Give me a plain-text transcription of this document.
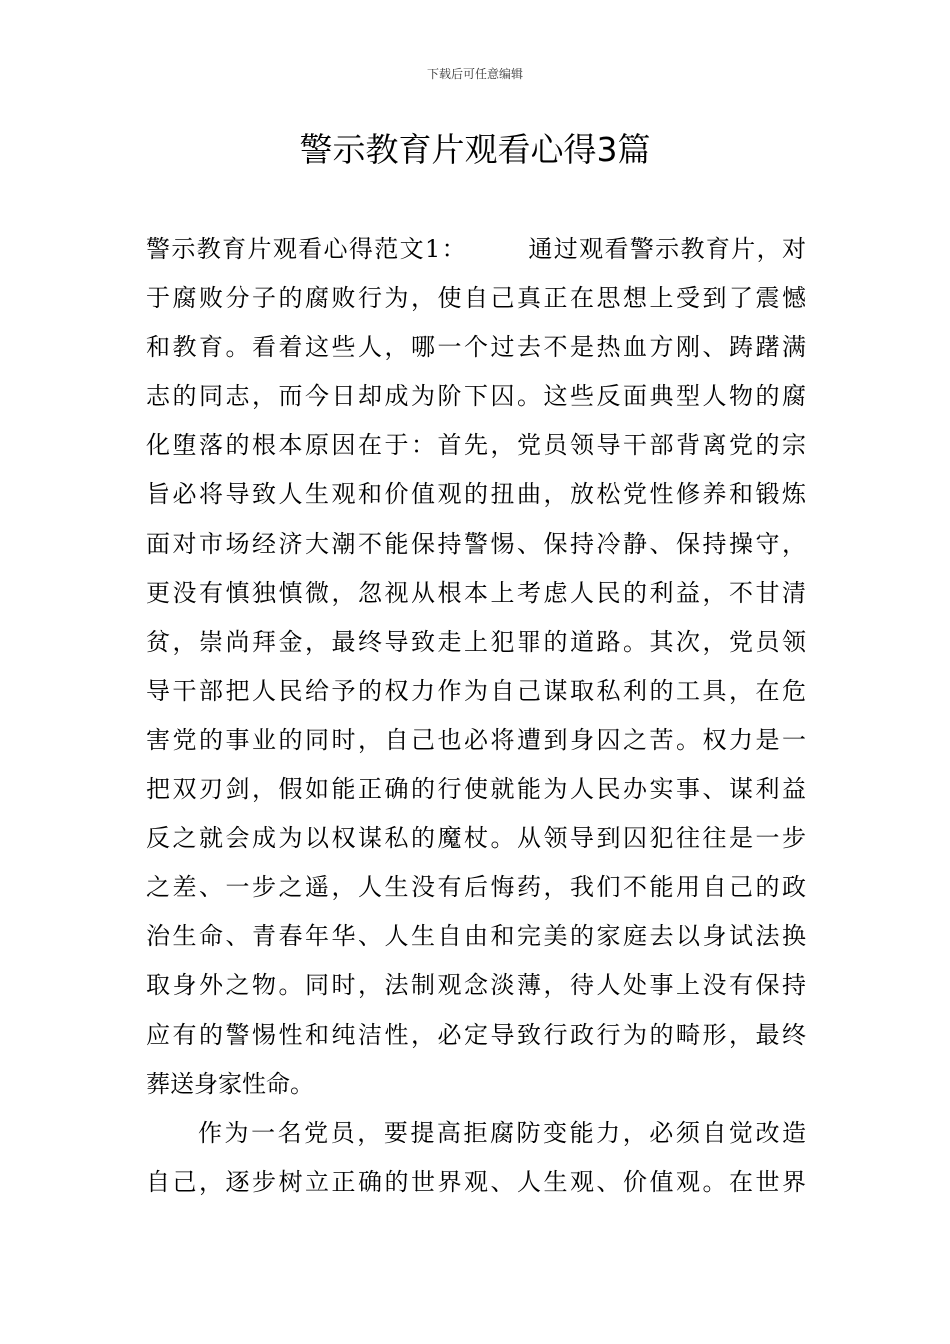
下载后可任意编辑
警示教育片观看心得3篇
警示教育片观看心得范文1：	通过观看警示教育片，对
于腐败分子的腐败行为，使自己真正在思想上受到了震憾
和教育。看着这些人，哪一个过去不是热血方刚、踌躇满
志的同志，而今日却成为阶下囚。这些反面典型人物的腐
化堕落的根本原因在于：首先，党员领导干部背离党的宗
旨必将导致人生观和价值观的扭曲，放松党性修养和锻炼
面对市场经济大潮不能保持警惕、保持冷静、保持操守，
更没有慎独慎微，忽视从根本上考虑人民的利益，不甘清
贫，崇尚拜金，最终导致走上犯罪的道路。其次，党员领
导干部把人民给予的权力作为自己谋取私利的工具，在危
害党的事业的同时，自己也必将遭到身囚之苦。权力是一
把双刃剑，假如能正确的行使就能为人民办实事、谋利益
反之就会成为以权谋私的魔杖。从领导到囚犯往往是一步
之差、一步之遥，人生没有后悔药，我们不能用自己的政
治生命、青春年华、人生自由和完美的家庭去以身试法换
取身外之物。同时，法制观念淡薄，待人处事上没有保持
应有的警惕性和纯洁性，必定导致行政行为的畸形，最终
葬送身家性命。
作为一名党员，要提高拒腐防变能力，必须自觉改造
自己，逐步树立正确的世界观、人生观、价值观。在世界
